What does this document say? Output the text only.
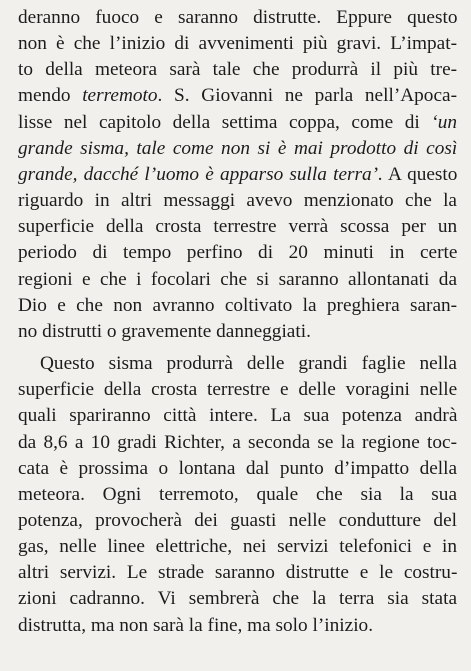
deranno fuoco e saranno distrutte. Eppure questo
non è che l’inizio di avvenimenti più gravi. L’impat-
to della meteora sarà tale che produrrà il più tre-
mendo terremoto. S. Giovanni ne parla nell’Apoca-
lisse nel capitolo della settima coppa, come di ‘un
grande sisma, tale come non si è mai prodotto di così
grande, dacché l’uomo è apparso sulla terra’. A questo
riguardo in altri messaggi avevo menzionato che la
superficie della crosta terrestre verrà scossa per un
periodo di tempo perfino di 20 minuti in certe
regioni e che i focolari che si saranno allontanati da
Dio e che non avranno coltivato la preghiera saran-
no distrutti o gravemente danneggiati.
Questo sisma produrrà delle grandi faglie nella
superficie della crosta terrestre e delle voragini nelle
quali spariranno città intere. La sua potenza andrà
da 8,6 a 10 gradi Richter, a seconda se la regione toc-
cata è prossima o lontana dal punto d’impatto della
meteora. Ogni terremoto, quale che sia la sua
potenza, provocherà dei guasti nelle condutture del
gas, nelle linee elettriche, nei servizi telefonici e in
altri servizi. Le strade saranno distrutte e le costru-
zioni cadranno. Vi sembrerà che la terra sia stata
distrutta, ma non sarà la fine, ma solo l’inizio.
